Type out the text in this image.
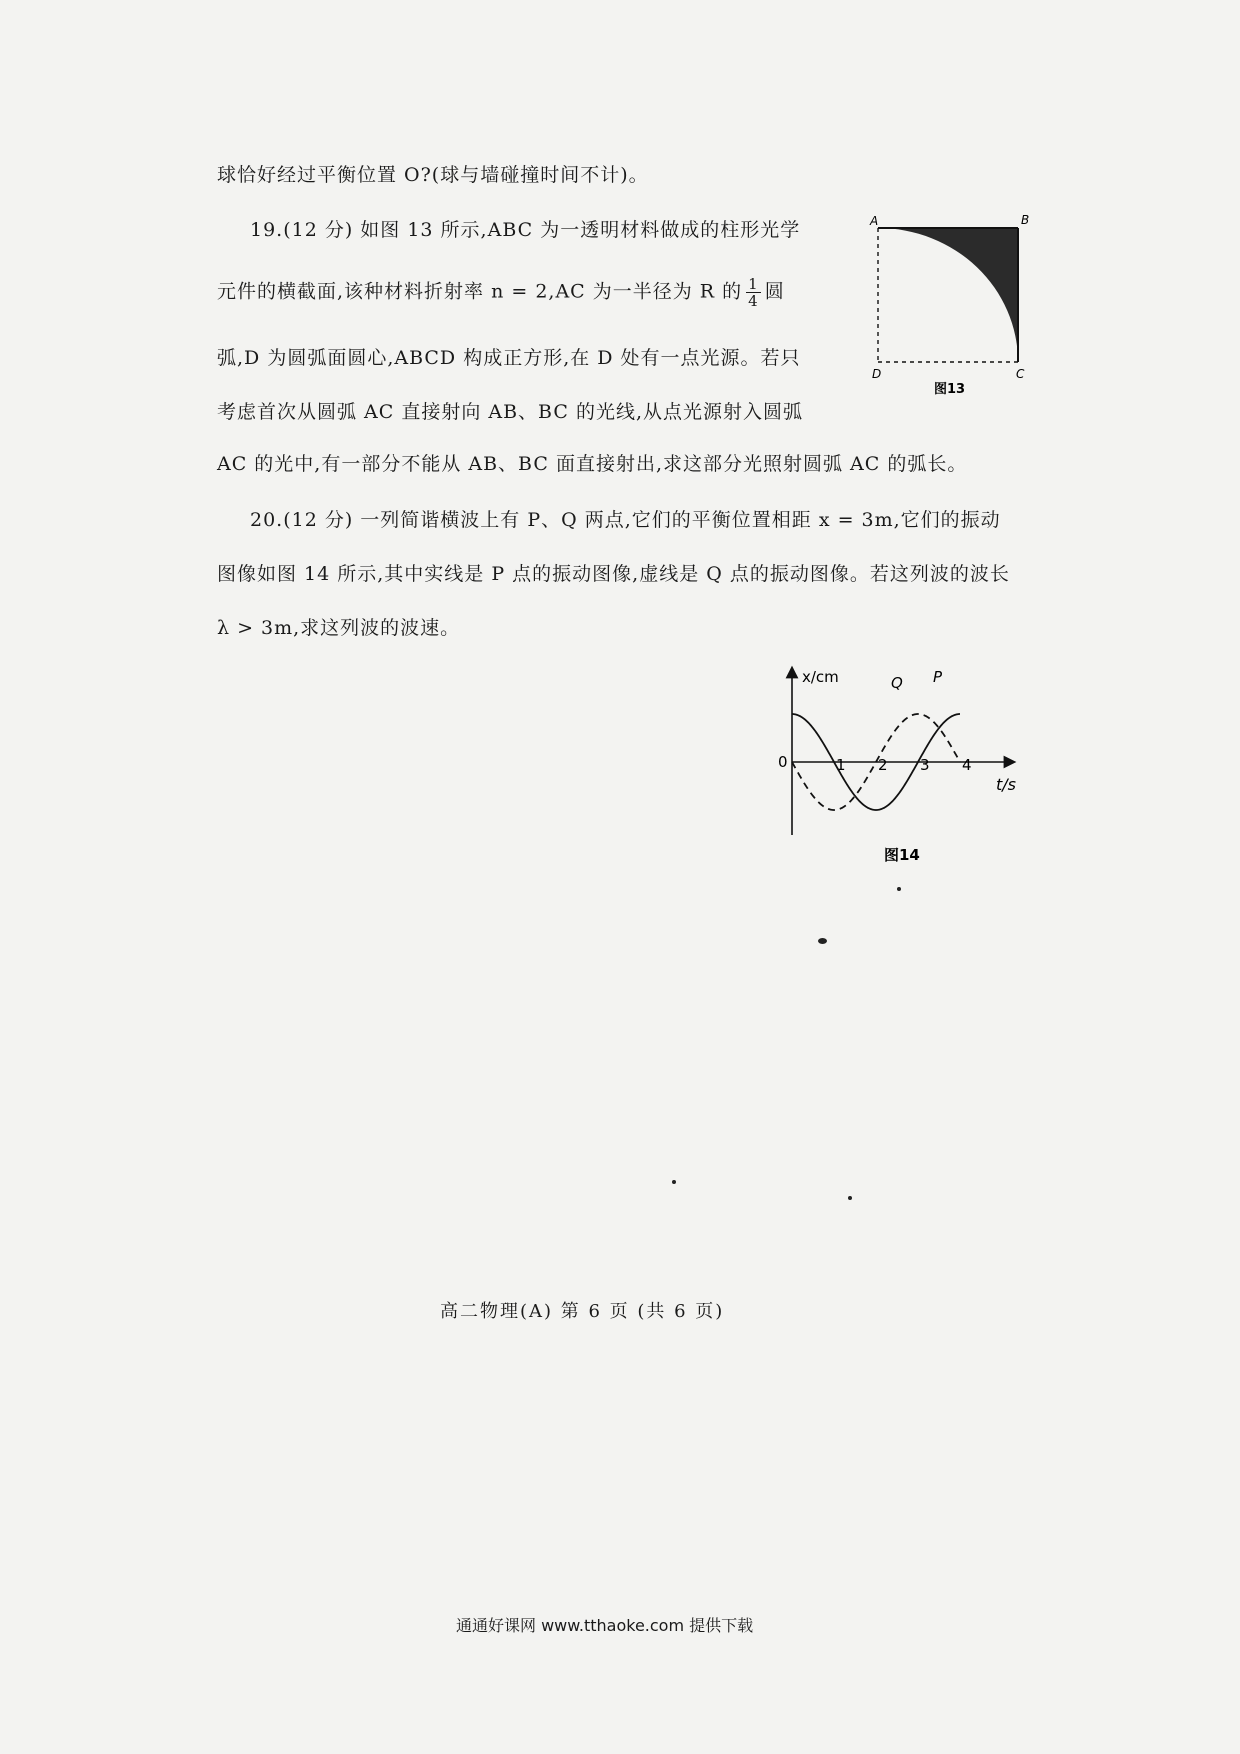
球恰好经过平衡位置 O?(球与墙碰撞时间不计)。
19.(12 分) 如图 13 所示,ABC 为一透明材料做成的柱形光学
元件的横截面,该种材料折射率 n = 2,AC 为一半径为 R 的 $\frac{1}{4}$ 圆
弧,D 为圆弧面圆心,ABCD 构成正方形,在 D 处有一点光源。若只
考虑首次从圆弧 AC 直接射向 AB、BC 的光线,从点光源射入圆弧
AC 的光中,有一部分不能从 AB、BC 面直接射出,求这部分光照射圆弧 AC 的弧长。
A	B
C
D
图13
20.(12 分) 一列简谐横波上有 P、Q 两点,它们的平衡位置相距 x = 3m,它们的振动
图像如图 14 所示,其中实线是 P 点的振动图像,虚线是 Q 点的振动图像。若这列波的波长
λ > 3m,求这列波的波速。
x/cm
t/s
0	1 2 3 4
Q P
图14
高二物理(A) 第 6 页 (共 6 页)
通通好课网 www.tthaoke.com 提供下载
